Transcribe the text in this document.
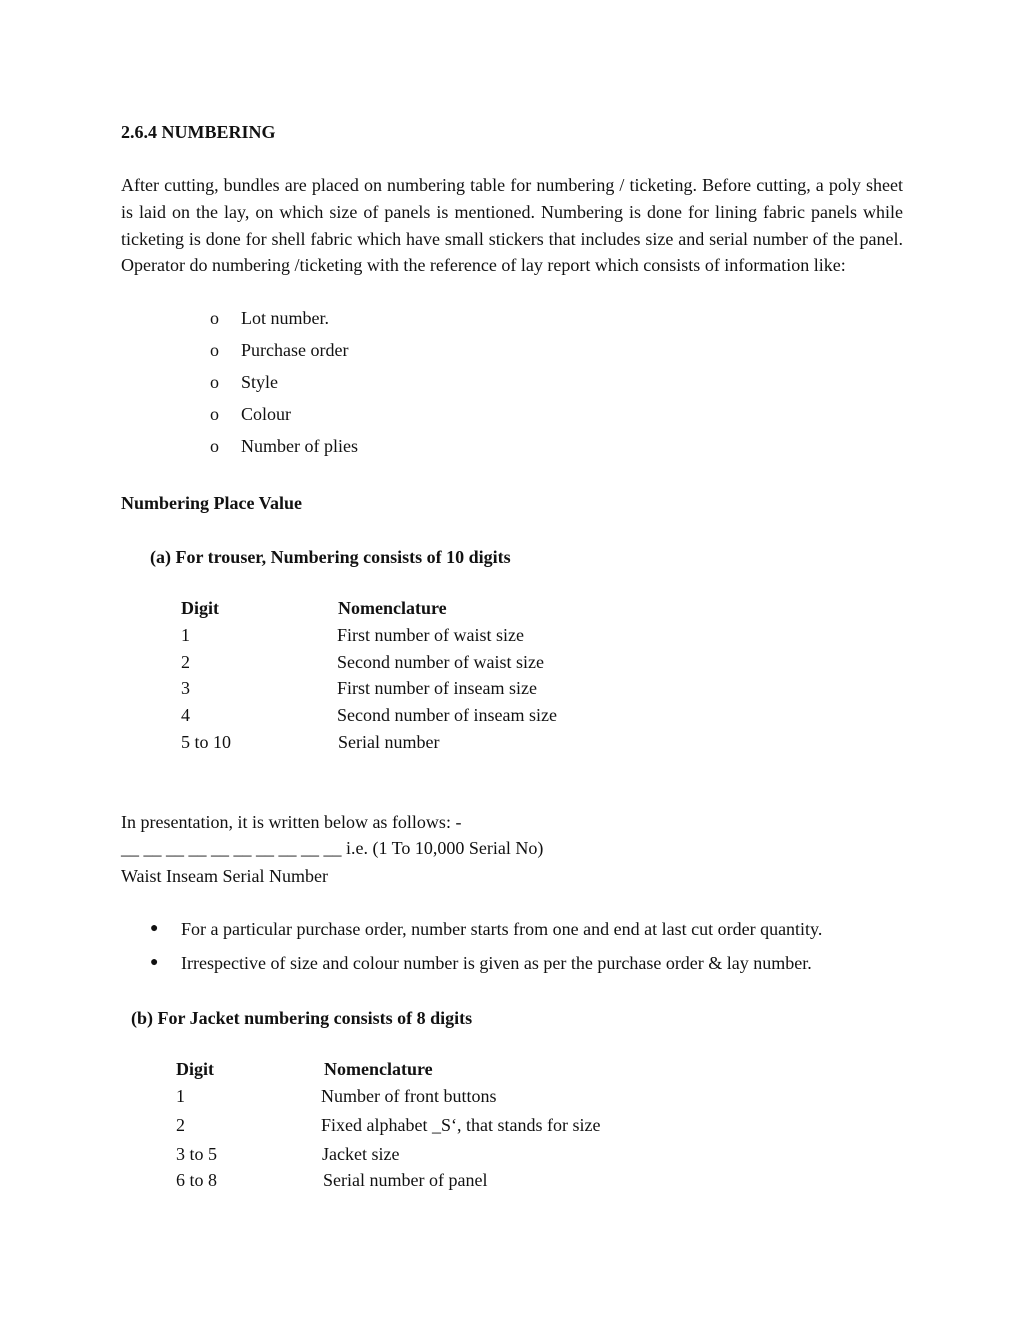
2.6.4 NUMBERING
After cutting, bundles are placed on numbering table for numbering / ticketing. Before cutting, a poly sheet is laid on the lay, on which size of panels is mentioned. Numbering is done for lining fabric panels while ticketing is done for shell fabric which have small stickers that includes size and serial number of the panel. Operator do numbering /ticketing with the reference of lay report which consists of information like:
o	Lot number.
o	Purchase order
o	Style
o	Colour
o	Number of plies
Numbering Place Value
(a) For trouser, Numbering consists of 10 digits
Digit	Nomenclature
1	First number of waist size
2	Second number of waist size
3	First number of inseam size
4	Second number of inseam size
5 to 10	Serial number
In presentation, it is written below as follows: -
__ __ __ __ __ __ __ __ __ __ i.e. (1 To 10,000 Serial No)
Waist Inseam Serial Number
●	For a particular purchase order, number starts from one and end at last cut order quantity.
●	Irrespective of size and colour number is given as per the purchase order & lay number.
(b) For Jacket numbering consists of 8 digits
Digit	Nomenclature
1	Number of front buttons
2	Fixed alphabet _S‘, that stands for size
3 to 5	Jacket size
6 to 8	Serial number of panel
